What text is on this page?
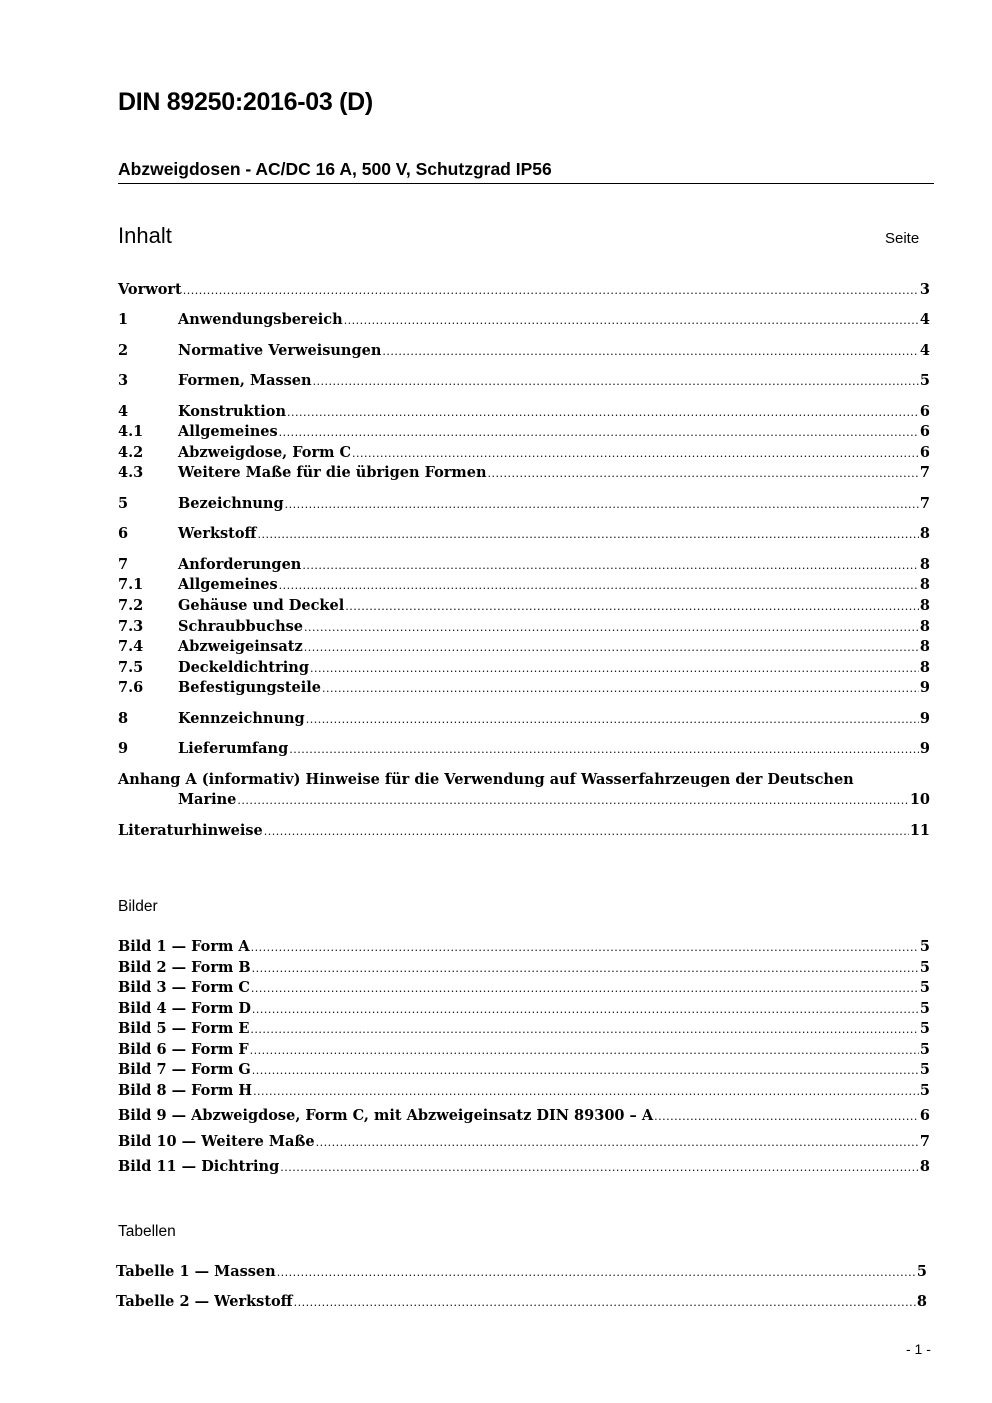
DIN 89250:2016-03 (D)
Abzweigdosen - AC/DC 16 A, 500 V, Schutzgrad IP56
Inhalt	Seite
Vorwort .....	3
1	Anwendungsbereich .....	4
2	Normative Verweisungen .....	4
3	Formen, Massen .....	5
4	Konstruktion .....	6
4.1	Allgemeines .....	6
4.2	Abzweigdose, Form C .....	6
4.3	Weitere Maße für die übrigen Formen .....	7
5	Bezeichnung .....	7
6	Werkstoff .....	8
7	Anforderungen .....	8
7.1	Allgemeines .....	8
7.2	Gehäuse und Deckel .....	8
7.3	Schraubbuchse .....	8
7.4	Abzweigeinsatz .....	8
7.5	Deckeldichtring .....	8
7.6	Befestigungsteile .....	9
8	Kennzeichnung .....	9
9	Lieferumfang .....	9
Anhang A (informativ) Hinweise für die Verwendung auf Wasserfahrzeugen der Deutschen
Marine .....	10
Literaturhinweise .....	11
Bilder
Bild 1 — Form A .....	5
Bild 2 — Form B .....	5
Bild 3 — Form C .....	5
Bild 4 — Form D .....	5
Bild 5 — Form E .....	5
Bild 6 — Form F .....	5
Bild 7 — Form G .....	5
Bild 8 — Form H .....	5
Bild 9 — Abzweigdose, Form C, mit Abzweigeinsatz DIN 89300 – A .....	6
Bild 10 — Weitere Maße .....	7
Bild 11 — Dichtring .....	8
Tabellen
Tabelle 1 — Massen .....	5
Tabelle 2 — Werkstoff .....	8
- 1 -
